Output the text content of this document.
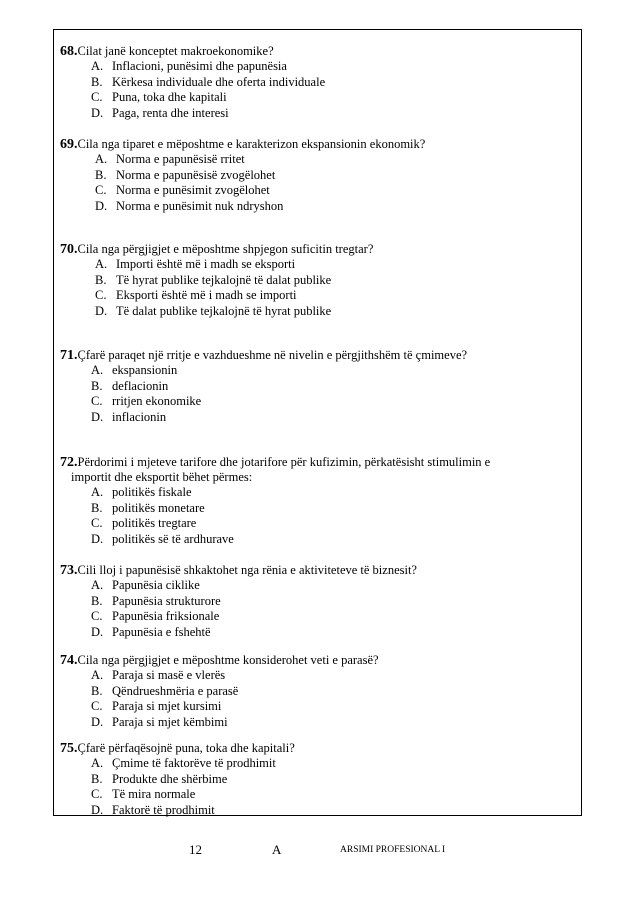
68. Cilat janë konceptet makroekonomike?
A. Inflacioni, punësimi dhe papunësia
B. Kërkesa individuale dhe oferta individuale
C. Puna, toka dhe kapitali
D. Paga, renta dhe interesi
69. Cila nga tiparet e mëposhtme e karakterizon ekspansionin ekonomik?
A. Norma e papunësisë rritet
B. Norma e papunësisë zvogëlohet
C. Norma e punësimit zvogëlohet
D. Norma e punësimit nuk ndryshon
70. Cila nga përgjigjet e mëposhtme shpjegon suficitin tregtar?
A. Importi është më i madh se eksporti
B. Të hyrat publike tejkalojnë të dalat publike
C. Eksporti është më i madh se importi
D. Të dalat publike tejkalojnë të hyrat publike
71. Çfarë paraqet një rritje e vazhdueshme në nivelin e përgjithshëm të çmimeve?
A. ekspansionin
B. deflacionin
C. rritjen ekonomike
D. inflacionin
72. Përdorimi i mjeteve tarifore dhe jotarifore për kufizimin, përkatësisht stimulimin e
importit dhe eksportit bëhet përmes:
A. politikës fiskale
B. politikës monetare
C. politikës tregtare
D. politikës së të ardhurave
73. Cili lloj i papunësisë shkaktohet nga rënia e aktiviteteve të biznesit?
A. Papunësia ciklike
B. Papunësia strukturore
C. Papunësia friksionale
D. Papunësia e fshehtë
74. Cila nga përgjigjet e mëposhtme konsiderohet veti e parasë?
A. Paraja si masë e vlerës
B. Qëndrueshmëria e parasë
C. Paraja si mjet kursimi
D. Paraja si mjet këmbimi
75. Çfarë përfaqësojnë puna, toka dhe kapitali?
A. Çmime të faktorëve të prodhimit
B. Produkte dhe shërbime
C. Të mira normale
D. Faktorë të prodhimit
12	A	ARSIMI PROFESIONAL I
